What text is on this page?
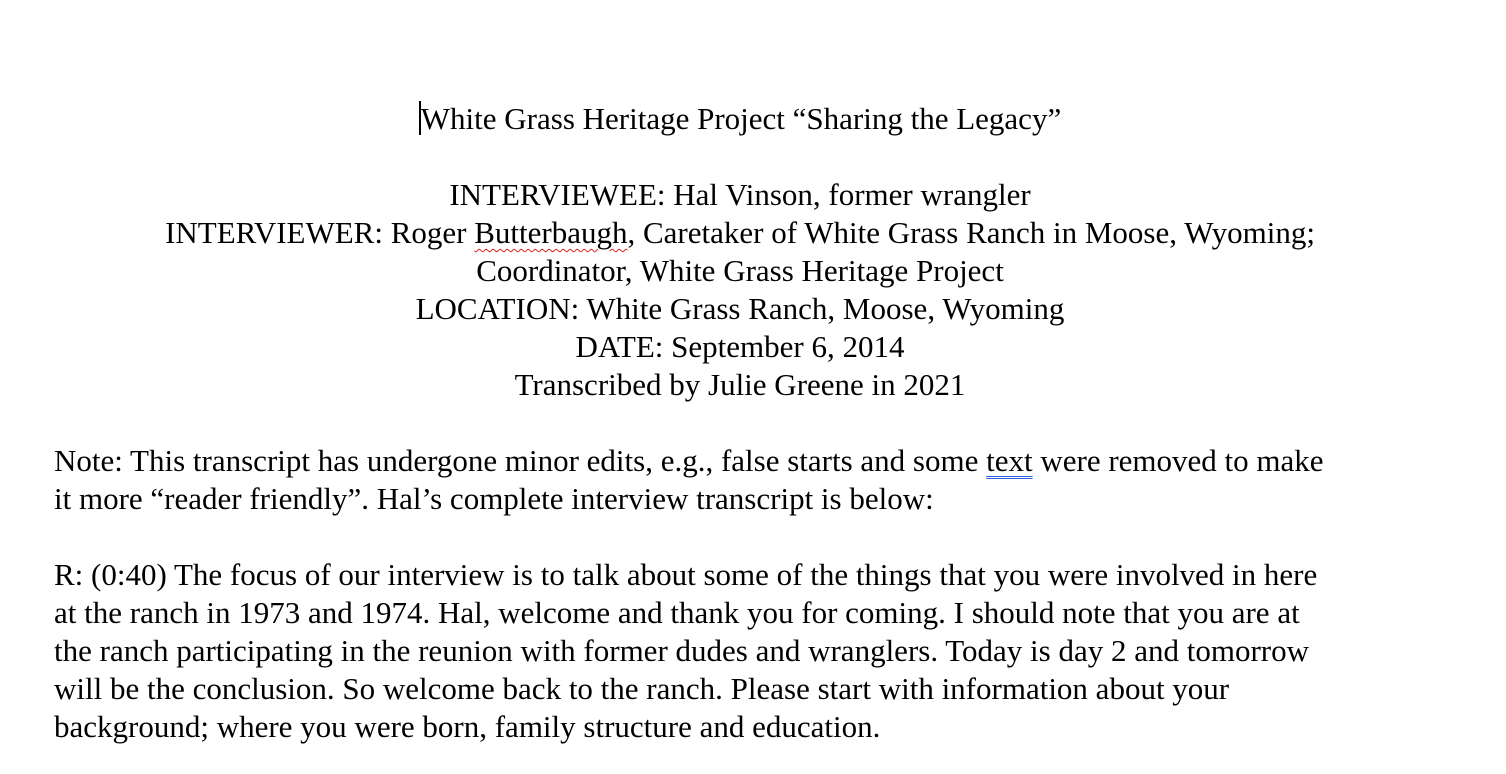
White Grass Heritage Project “Sharing the Legacy”
INTERVIEWEE: Hal Vinson, former wrangler
INTERVIEWER: Roger Butterbaugh, Caretaker of White Grass Ranch in Moose, Wyoming;
Coordinator, White Grass Heritage Project
LOCATION: White Grass Ranch, Moose, Wyoming
DATE: September 6, 2014
Transcribed by Julie Greene in 2021
Note: This transcript has undergone minor edits, e.g., false starts and some text were removed to make
it more “reader friendly”. Hal’s complete interview transcript is below:
R: (0:40) The focus of our interview is to talk about some of the things that you were involved in here
at the ranch in 1973 and 1974. Hal, welcome and thank you for coming. I should note that you are at
the ranch participating in the reunion with former dudes and wranglers. Today is day 2 and tomorrow
will be the conclusion. So welcome back to the ranch. Please start with information about your
background; where you were born, family structure and education.
